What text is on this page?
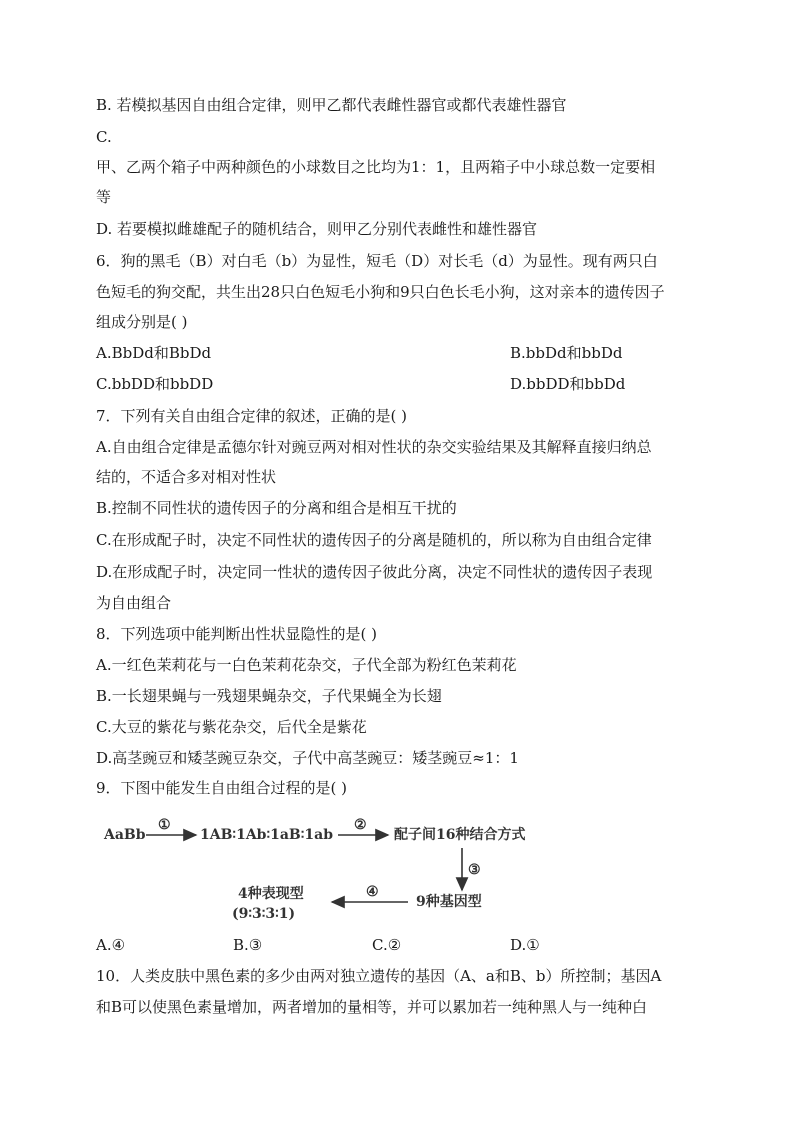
B. 若模拟基因自由组合定律，则甲乙都代表雌性器官或都代表雄性器官
C.
甲、乙两个箱子中两种颜色的小球数目之比均为1：1，且两箱子中小球总数一定要相
等
D. 若要模拟雌雄配子的随机结合，则甲乙分别代表雌性和雄性器官
6．狗的黑毛（B）对白毛（b）为显性，短毛（D）对长毛（d）为显性。现有两只白
色短毛的狗交配，共生出28只白色短毛小狗和9只白色长毛小狗，这对亲本的遗传因子
组成分别是( )
A.BbDd和BbDd	B.bbDd和bbDd
C.bbDD和bbDD	D.bbDD和bbDd
7．下列有关自由组合定律的叙述，正确的是( )
A.自由组合定律是孟德尔针对豌豆两对相对性状的杂交实验结果及其解释直接归纳总
结的，不适合多对相对性状
B.控制不同性状的遗传因子的分离和组合是相互干扰的
C.在形成配子时，决定不同性状的遗传因子的分离是随机的，所以称为自由组合定律
D.在形成配子时，决定同一性状的遗传因子彼此分离，决定不同性状的遗传因子表现
为自由组合
8．下列选项中能判断出性状显隐性的是( )
A.一红色茉莉花与一白色茉莉花杂交，子代全部为粉红色茉莉花
B.一长翅果蝇与一残翅果蝇杂交，子代果蝇全为长翅
C.大豆的紫花与紫花杂交，后代全是紫花
D.高茎豌豆和矮茎豌豆杂交，子代中高茎豌豆：矮茎豌豆≈1：1
9．下图中能发生自由组合过程的是( )
AaBb
①
1AB∶1Ab∶1aB∶1ab
②
配子间16种结合方式
③
9种基因型
④
4种表现型
(9∶3∶3∶1)
A.④	B.③	C.②	D.①
10．人类皮肤中黑色素的多少由两对独立遗传的基因（A、a和B、b）所控制；基因A
和B可以使黑色素量增加，两者增加的量相等，并可以累加若一纯种黑人与一纯种白
